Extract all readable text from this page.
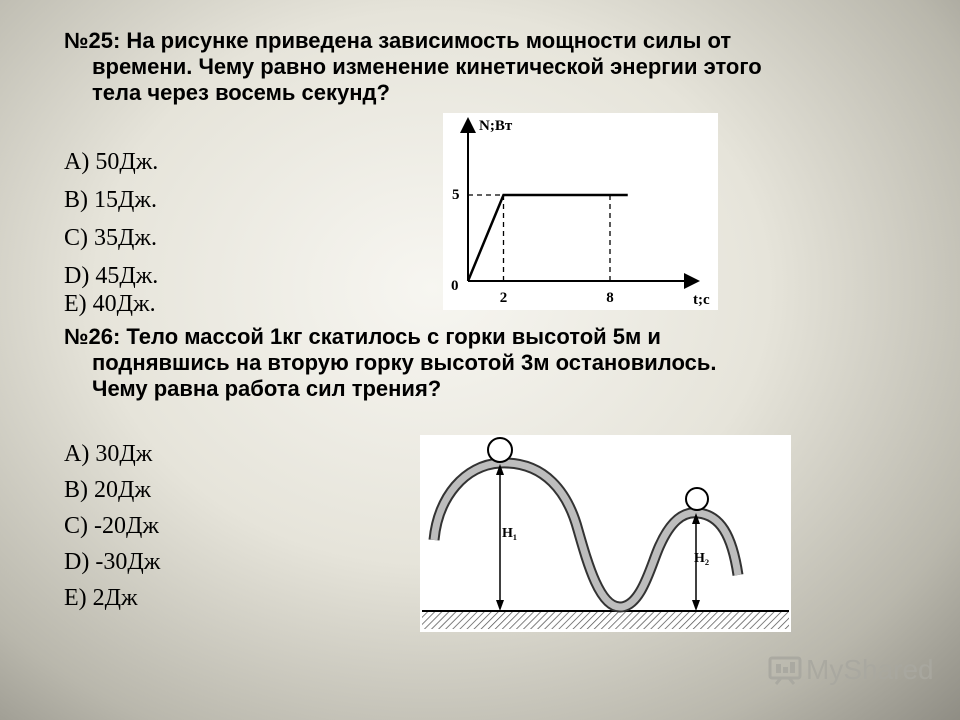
№25: На рисунке приведена зависимость мощности силы от
времени. Чему равно изменение кинетической энергии этого
тела через восемь секунд?
A) 50Дж.
B) 15Дж.
C) 35Дж.
D) 45Дж.
E) 40Дж.
N;Вт
t;с
0
5
2	8
№26: Тело массой 1кг скатилось с горки высотой 5м и
поднявшись на вторую горку высотой 3м остановилось.
Чему равна работа сил трения?
A) 30Дж
B) 20Дж
C) -20Дж
D) -30Дж
E) 2Дж
H₁
H₂
MyShared
